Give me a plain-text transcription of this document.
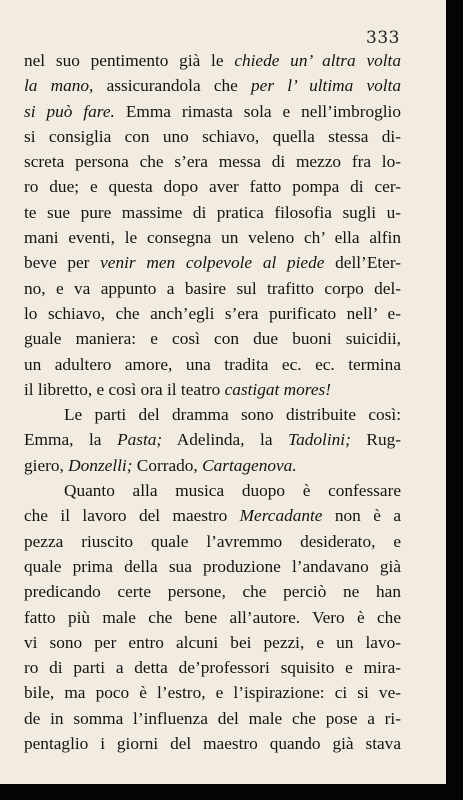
333
nel suo pentimento già le chiede un’ altra volta
la mano, assicurandola che per l’ ultima volta
si può fare. Emma rimasta sola e nell’imbroglio
si consiglia con uno schiavo, quella stessa di-
screta persona che s’era messa di mezzo fra lo-
ro due; e questa dopo aver fatto pompa di cer-
te sue pure massime di pratica filosofia sugli u-
mani eventi, le consegna un veleno ch’ ella alfin
beve per venir men colpevole al piede dell’Eter-
no, e va appunto a basire sul trafitto corpo del-
lo schiavo, che anch’egli s’era purificato nell’ e-
guale maniera: e così con due buoni suicidii,
un adultero amore, una tradita ec. ec. termina
il libretto, e così ora il teatro castigat mores!
Le parti del dramma sono distribuite così:
Emma, la Pasta; Adelinda, la Tadolini; Rug-
giero, Donzelli; Corrado, Cartagenova.
Quanto alla musica duopo è confessare
che il lavoro del maestro Mercadante non è a
pezza riuscito quale l’avremmo desiderato, e
quale prima della sua produzione l’andavano già
predicando certe persone, che perciò ne han
fatto più male che bene all’autore. Vero è che
vi sono per entro alcuni bei pezzi, e un lavo-
ro di parti a detta de’professori squisito e mira-
bile, ma poco è l’estro, e l’ispirazione: ci si ve-
de in somma l’influenza del male che pose a ri-
pentaglio i giorni del maestro quando già stava
